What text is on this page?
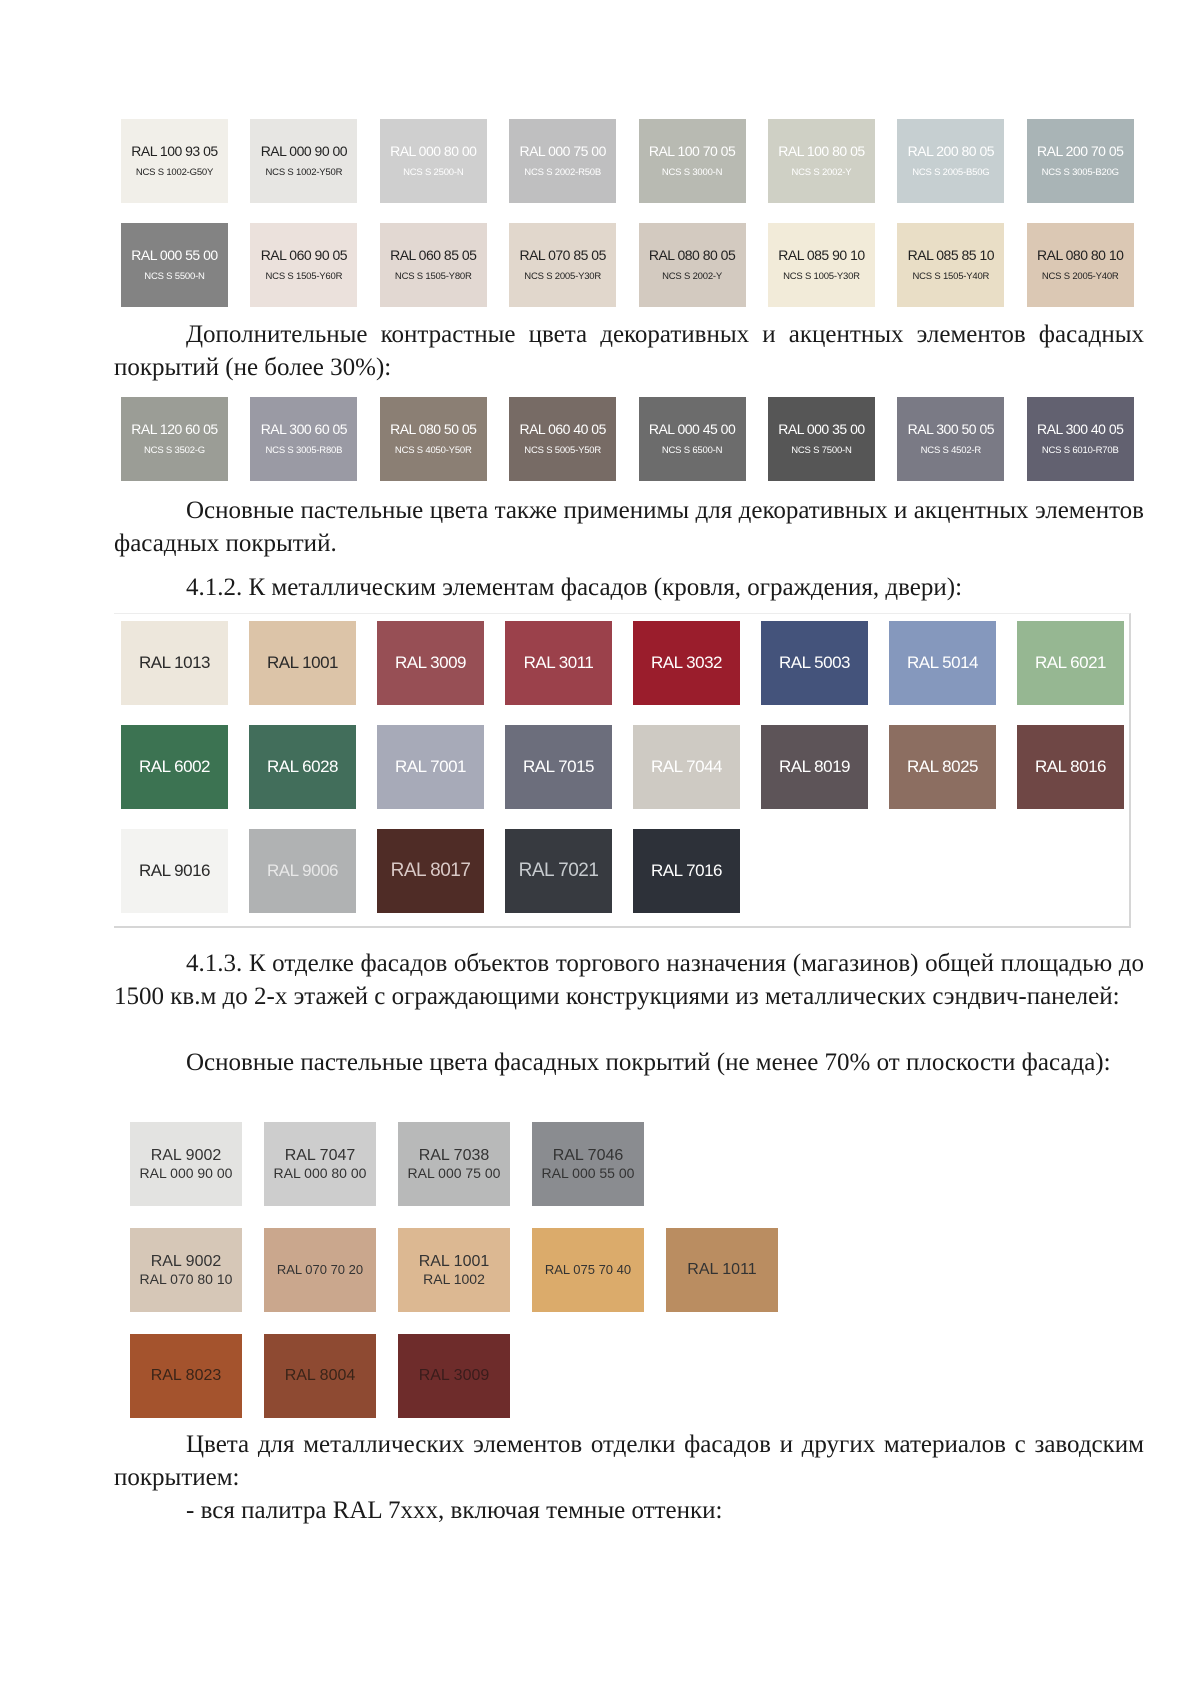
RAL 100 93 05
NCS S 1002-G50Y
RAL 000 90 00
NCS S 1002-Y50R
RAL 000 80 00
NCS S 2500-N
RAL 000 75 00
NCS S 2002-R50B
RAL 100 70 05
NCS S 3000-N
RAL 100 80 05
NCS S 2002-Y
RAL 200 80 05
NCS S 2005-B50G
RAL 200 70 05
NCS S 3005-B20G
RAL 000 55 00
NCS S 5500-N
RAL 060 90 05
NCS S 1505-Y60R
RAL 060 85 05
NCS S 1505-Y80R
RAL 070 85 05
NCS S 2005-Y30R
RAL 080 80 05
NCS S 2002-Y
RAL 085 90 10
NCS S 1005-Y30R
RAL 085 85 10
NCS S 1505-Y40R
RAL 080 80 10
NCS S 2005-Y40R

Дополнительные контрастные цвета декоративных и акцентных элементов фасадных покрытий (не более 30%):

RAL 120 60 05
NCS S 3502-G
RAL 300 60 05
NCS S 3005-R80B
RAL 080 50 05
NCS S 4050-Y50R
RAL 060 40 05
NCS S 5005-Y50R
RAL 000 45 00
NCS S 6500-N
RAL 000 35 00
NCS S 7500-N
RAL 300 50 05
NCS S 4502-R
RAL 300 40 05
NCS S 6010-R70B

Основные пастельные цвета также применимы для декоративных и акцентных элементов фасадных покрытий.

4.1.2. К металлическим элементам фасадов (кровля, ограждения, двери):

RAL 1013	RAL 1001	RAL 3009	RAL 3011	RAL 3032	RAL 5003	RAL 5014	RAL 6021
RAL 6002	RAL 6028	RAL 7001	RAL 7015	RAL 7044	RAL 8019	RAL 8025	RAL 8016
RAL 9016	RAL 9006	RAL 8017	RAL 7021	RAL 7016

4.1.3. К отделке фасадов объектов торгового назначения (магазинов) общей площадью до 1500 кв.м до 2-х этажей с ограждающими конструкциями из металлических сэндвич-панелей:

Основные пастельные цвета фасадных покрытий (не менее 70% от плоскости фасада):

RAL 9002
RAL 000 90 00
RAL 7047
RAL 000 80 00
RAL 7038
RAL 000 75 00
RAL 7046
RAL 000 55 00
RAL 9002
RAL 070 80 10
RAL 070 70 20	RAL 1001
RAL 1002
RAL 075 70 40	RAL 1011
RAL 8023	RAL 8004	RAL 3009

Цвета для металлических элементов отделки фасадов и других материалов с заводским покрытием:

- вся палитра RAL 7ххх, включая темные оттенки:
